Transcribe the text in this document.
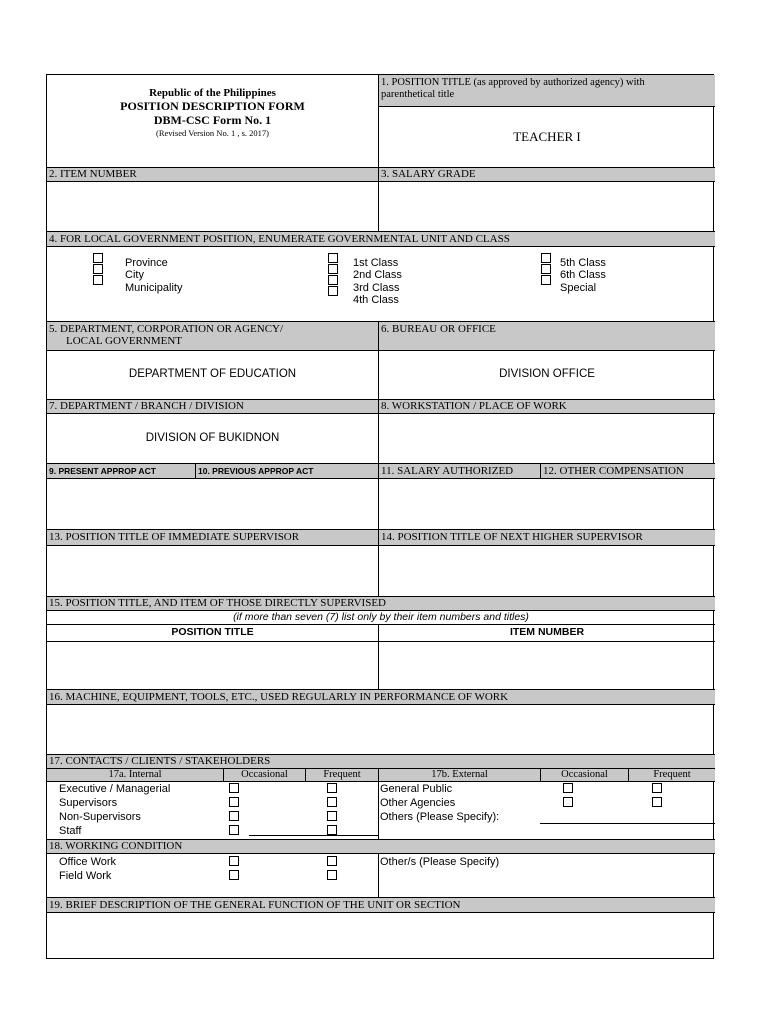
Republic of the Philippines
POSITION DESCRIPTION FORM
DBM-CSC Form No. 1
(Revised Version No. 1 , s. 2017)
1. POSITION TITLE (as approved by authorized agency) with
parenthetical title
TEACHER I
2. ITEM NUMBER	3. SALARY GRADE
4. FOR LOCAL GOVERNMENT POSITION, ENUMERATE GOVERNMENTAL UNIT AND CLASS
Province
City
Municipality
1st Class
2nd Class
3rd Class
4th Class
5th Class
6th Class
Special
5. DEPARTMENT, CORPORATION OR AGENCY/
LOCAL GOVERNMENT
6. BUREAU OR OFFICE
DEPARTMENT OF EDUCATION	DIVISION OFFICE
7. DEPARTMENT / BRANCH / DIVISION	8. WORKSTATION / PLACE OF WORK
DIVISION OF BUKIDNON
9. PRESENT APPROP ACT	10. PREVIOUS APPROP ACT	11. SALARY AUTHORIZED	12. OTHER COMPENSATION
13. POSITION TITLE OF IMMEDIATE SUPERVISOR	14. POSITION TITLE OF NEXT HIGHER SUPERVISOR
15. POSITION TITLE, AND ITEM OF THOSE DIRECTLY SUPERVISED
(if more than seven (7) list only by their item numbers and titles)
POSITION TITLE	ITEM NUMBER
16. MACHINE, EQUIPMENT, TOOLS, ETC., USED REGULARLY IN PERFORMANCE OF WORK
17. CONTACTS / CLIENTS / STAKEHOLDERS
17a. Internal	Occasional	Frequent	17b. External	Occasional	Frequent
Executive / Managerial
Supervisors
Non-Supervisors
Staff
General Public
Other Agencies
Others (Please Specify):
18. WORKING CONDITION
Office Work
Field Work
Other/s (Please Specify)
19. BRIEF DESCRIPTION OF THE GENERAL FUNCTION OF THE UNIT OR SECTION
